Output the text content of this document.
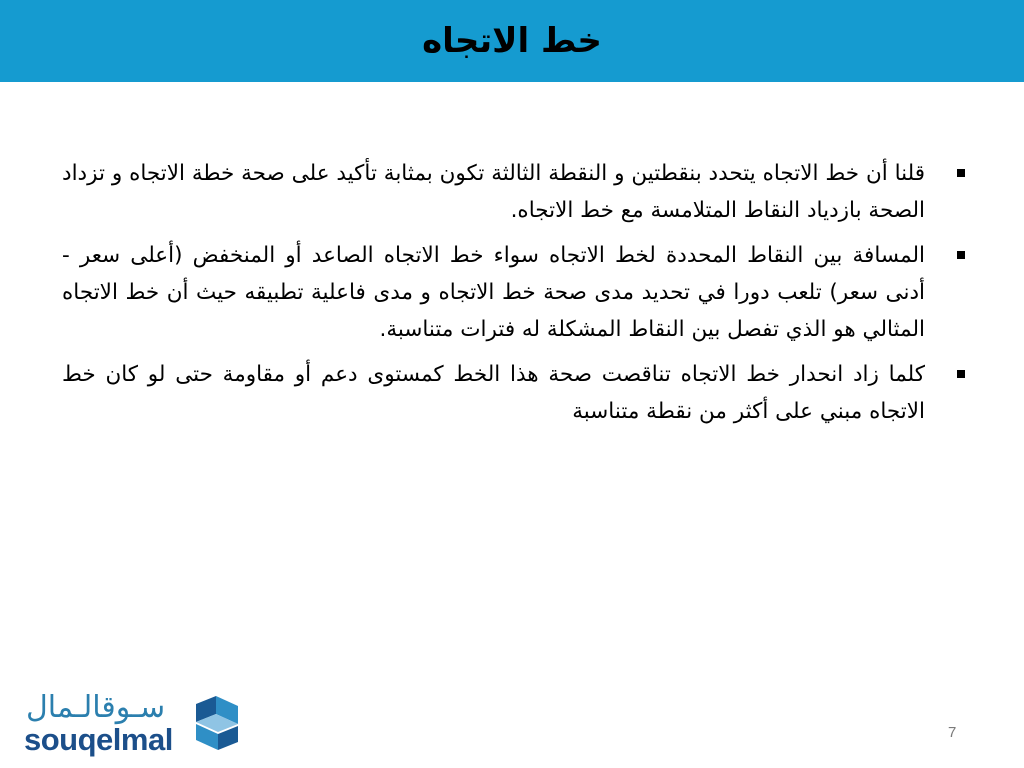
خط الاتجاه
قلنا أن خط الاتجاه يتحدد بنقطتين و النقطة الثالثة تكون بمثابة تأكيد على صحة خطة الاتجاه و تزداد الصحة بازدياد النقاط المتلامسة مع خط الاتجاه.
المسافة بين النقاط المحددة لخط الاتجاه سواء خط الاتجاه الصاعد أو المنخفض (أعلى سعر - أدنى سعر) تلعب دورا في تحديد مدى صحة خط الاتجاه و مدى فاعلية تطبيقه حيث أن خط الاتجاه المثالي هو الذي تفصل بين النقاط المشكلة له فترات متناسبة.
كلما زاد انحدار خط الاتجاه تناقصت صحة هذا الخط كمستوى دعم أو مقاومة حتى لو كان خط الاتجاه مبني على أكثر من نقطة متناسبة
سـوقالـمال
souqelmal	7
